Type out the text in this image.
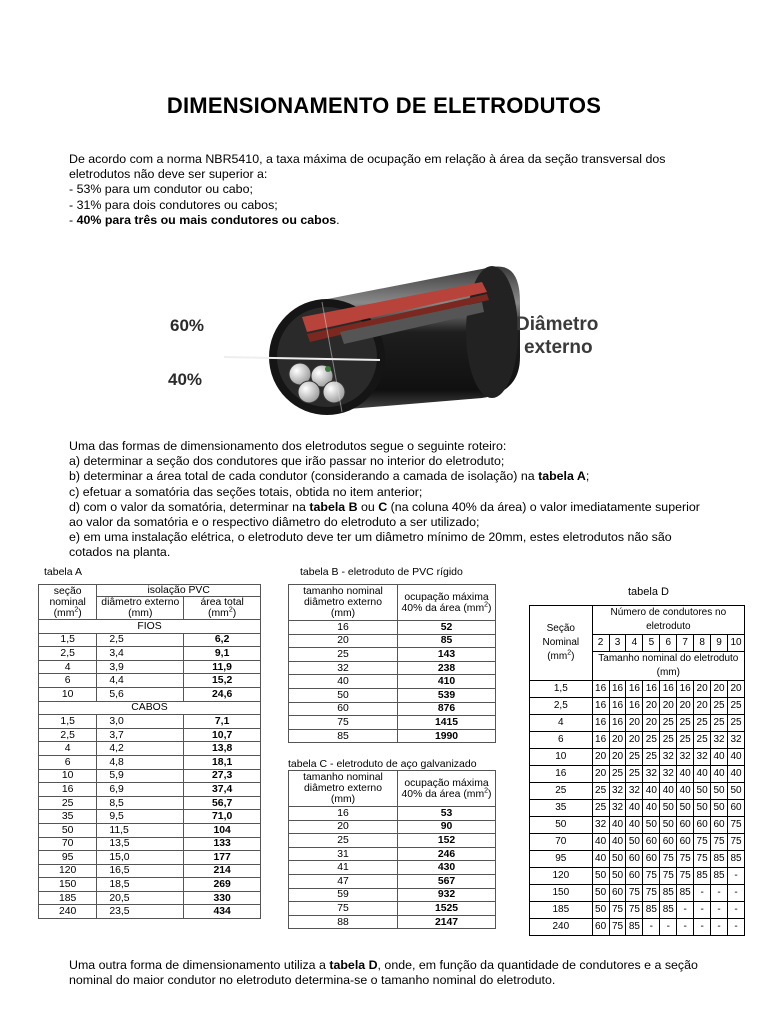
DIMENSIONAMENTO DE ELETRODUTOS
De acordo com a norma NBR5410, a taxa máxima de ocupação em relação à área da seção transversal dos eletrodutos não deve ser superior a:
- 53% para um condutor ou cabo;
- 31% para dois condutores ou cabos;
- 40% para três ou mais condutores ou cabos.
60%
40%
Diâmetro
externo
Uma das formas de dimensionamento dos eletrodutos segue o seguinte roteiro:
a) determinar a seção dos condutores que irão passar no interior do eletroduto;
b) determinar a área total de cada condutor (considerando a camada de isolação) na tabela A;
c) efetuar a somatória das seções totais, obtida no item anterior;
d) com o valor da somatória, determinar na tabela B ou C (na coluna 40% da área) o valor imediatamente superior ao valor da somatória e o respectivo diâmetro do eletroduto a ser utilizado;
e) em uma instalação elétrica, o eletroduto deve ter um diâmetro mínimo de 20mm, estes eletrodutos não são cotados na planta.
tabela A
seção nominal
$(mm^2)$	isolação PVC	
	diâmetro externo (mm)	área total
$(mm^2)$
FIOS		
1,5	2,5	6,2
2,5	3,4	9,1
4	3,9	11,9
6	4,4	15,2
10	5,6	24,6
CABOS		
1,5	3,0	7,1
2,5	3,7	10,7
4	4,2	13,8
6	4,8	18,1
10	5,9	27,3
16	6,9	37,4
25	8,5	56,7
35	9,5	71,0
50	11,5	104
70	13,5	133
95	15,0	177
120	16,5	214
150	18,5	269
185	20,5	330
240	23,5	434
tabela B - eletroduto de PVC rígido
tamanho nominal diâmetro externo (mm)	ocupação máxima 40% da área $(mm^2)$
16	52
20	85
25	143
32	238
40	410
50	539
60	876
75	1415
85	1990
tabela C - eletroduto de aço galvanizado
tamanho nominal diâmetro externo (mm)	ocupação máxima 40% da área $(mm^2)$
16	53
20	90
25	152
31	246
41	430
47	567
59	932
75	1525
88	2147
tabela D
Seção Nominal $(mm^2)$	Número de condutores no eletroduto								
	2	3	4	5	6	7	8	9	10
	Tamanho nominal do eletroduto (mm)								
1,5	16	16	16	16	16	16	20	20	20
2,5	16	16	16	20	20	20	20	25	25
4	16	16	20	20	25	25	25	25	25
6	16	20	20	25	25	25	25	32	32
10	20	20	25	25	32	32	32	40	40
16	20	25	25	32	32	40	40	40	40
25	25	32	32	40	40	40	50	50	50
35	25	32	40	40	50	50	50	50	60
50	32	40	40	50	50	60	60	60	75
70	40	40	50	60	60	60	75	75	75
95	40	50	60	60	75	75	75	85	85
120	50	50	60	75	75	75	85	85	-
150	50	60	75	75	85	85	-	-	-
185	50	75	75	85	85	-	-	-	-
240	60	75	85	-	-	-	-	-	-
Uma outra forma de dimensionamento utiliza a tabela D, onde, em função da quantidade de condutores e a seção nominal do maior condutor no eletroduto determina-se o tamanho nominal do eletroduto.
